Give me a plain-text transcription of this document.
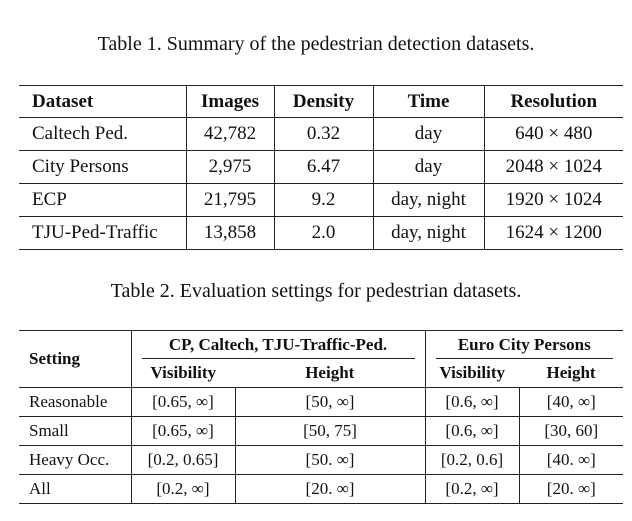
Table 1. Summary of the pedestrian detection datasets.
Dataset	Images	Density	Time	Resolution
Caltech Ped.	42,782	0.32	day	640 × 480
City Persons	2,975	6.47	day	2048 × 1024
ECP	21,795	9.2	day, night	1920 × 1024
TJU-Ped-Traffic	13,858	2.0	day, night	1624 × 1200
Table 2. Evaluation settings for pedestrian datasets.
Setting	CP, Caltech, TJU-Traffic-Ped.		Euro City Persons	

	Visibility	Height	Visibility	Height
Reasonable	[0.65, ∞]	[50, ∞]	[0.6, ∞]	[40, ∞]
Small	[0.65, ∞]	[50, 75]	[0.6, ∞]	[30, 60]
Heavy Occ.	[0.2, 0.65]	[50. ∞]	[0.2, 0.6]	[40. ∞]
All	[0.2, ∞]	[20. ∞]	[0.2, ∞]	[20. ∞]
